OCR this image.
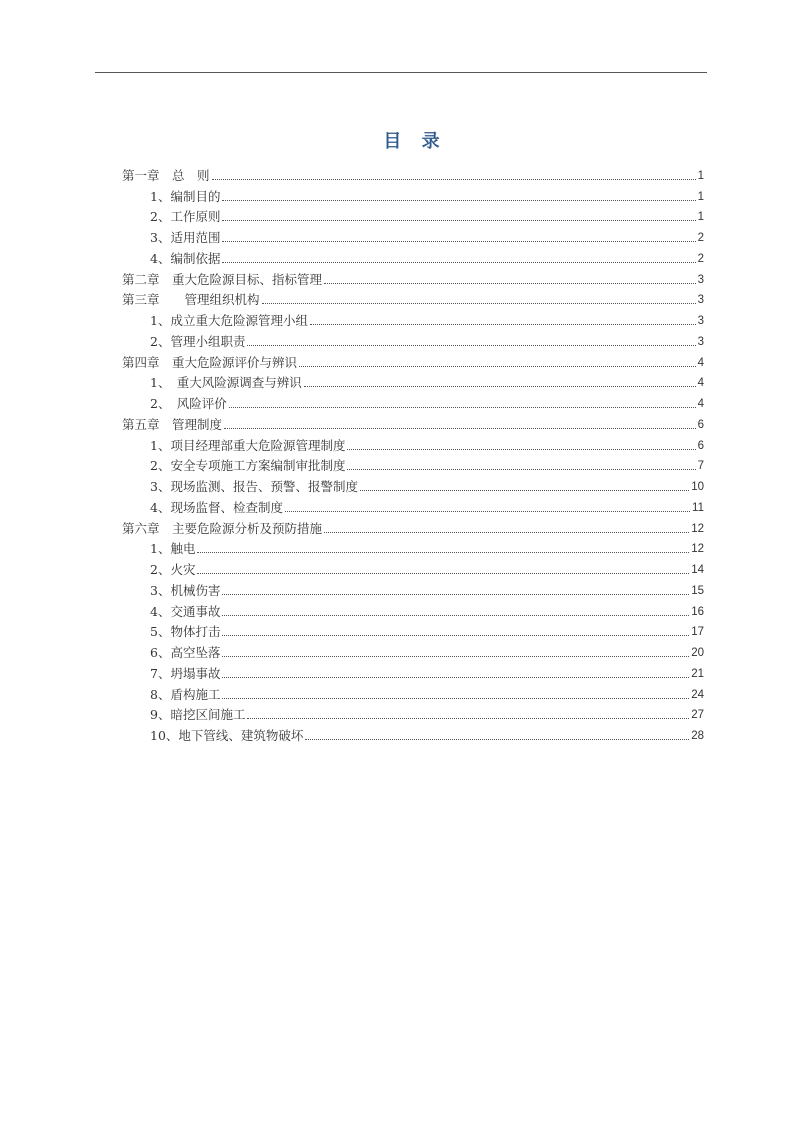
目 录
第一章　总　则	1
1、编制目的	1
2、工作原则	1
3、适用范围	2
4、编制依据	2
第二章　重大危险源目标、指标管理	3
第三章　　管理组织机构	3
1、成立重大危险源管理小组	3
2、管理小组职责	3
第四章　重大危险源评价与辨识	4
1、　重大风险源调查与辨识	4
2、　风险评价	4
第五章　管理制度	6
1、项目经理部重大危险源管理制度	6
2、安全专项施工方案编制审批制度	7
3、现场监测、报告、预警、报警制度	10
4、现场监督、检查制度	11
第六章　主要危险源分析及预防措施	12
1、触电	12
2、火灾	14
3、机械伤害	15
4、交通事故	16
5、物体打击	17
6、高空坠落	20
7、坍塌事故	21
8、盾构施工	24
9、暗挖区间施工	27
10、地下管线、建筑物破坏	28
